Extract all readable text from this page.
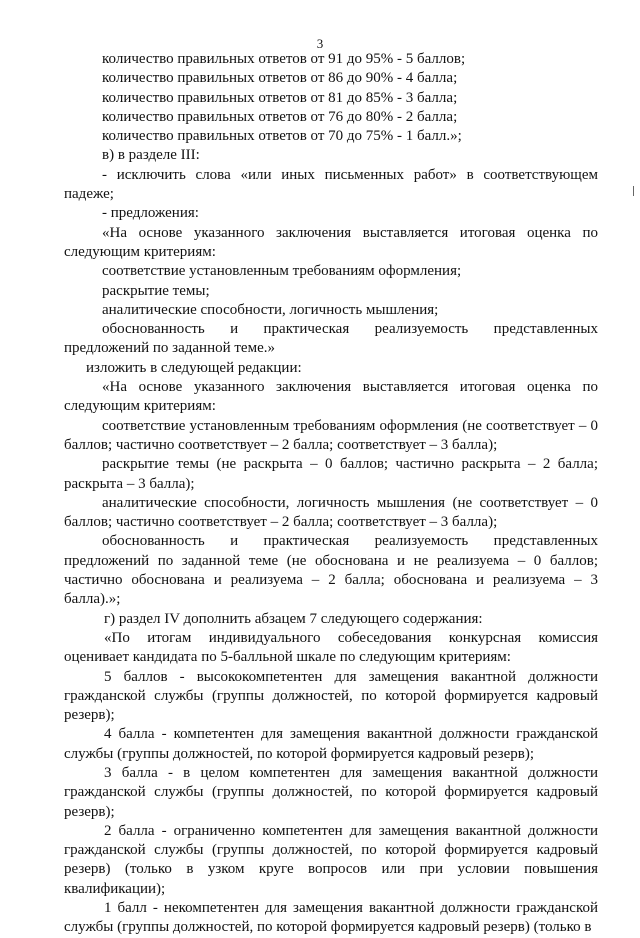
3

количество правильных ответов от 91 до 95% - 5 баллов;

количество правильных ответов от 86 до 90% - 4 балла;

количество правильных ответов от 81 до 85% - 3 балла;

количество правильных ответов от 76 до 80% - 2 балла;

количество правильных ответов от 70 до 75% - 1 балл.»;

в) в разделе III:

- исключить слова «или иных письменных работ» в соответствующем падеже;

- предложения:

«На основе указанного заключения выставляется итоговая оценка по следующим критериям:

соответствие установленным требованиям оформления;

раскрытие темы;

аналитические способности, логичность мышления;

обоснованность и практическая реализуемость представленных предложений по заданной теме.»

изложить в следующей редакции:

«На основе указанного заключения выставляется итоговая оценка по следующим критериям:

соответствие установленным требованиям оформления (не соответствует – 0 баллов; частично соответствует – 2 балла; соответствует – 3 балла);

раскрытие темы (не раскрыта – 0 баллов; частично раскрыта – 2 балла; раскрыта – 3 балла);

аналитические способности, логичность мышления (не соответствует – 0 баллов; частично соответствует – 2 балла; соответствует – 3 балла);

обоснованность и практическая реализуемость представленных предложений по заданной теме (не обоснована и не реализуема – 0 баллов; частично обоснована и реализуема – 2 балла; обоснована и реализуема – 3 балла).»;

г) раздел IV дополнить абзацем 7 следующего содержания:

«По итогам индивидуального собеседования конкурсная комиссия оценивает кандидата по 5-балльной шкале по следующим критериям:

5 баллов - высококомпетентен для замещения вакантной должности гражданской службы (группы должностей, по которой формируется кадровый резерв);

4 балла - компетентен для замещения вакантной должности гражданской службы (группы должностей, по которой формируется кадровый резерв);

3 балла - в целом компетентен для замещения вакантной должности гражданской службы (группы должностей, по которой формируется кадровый резерв);

2 балла - ограниченно компетентен для замещения вакантной должности гражданской службы (группы должностей, по которой формируется кадровый резерв) (только в узком круге вопросов или при условии повышения квалификации);

1 балл - некомпетентен для замещения вакантной должности гражданской службы (группы должностей, по которой формируется кадровый резерв) (только в
